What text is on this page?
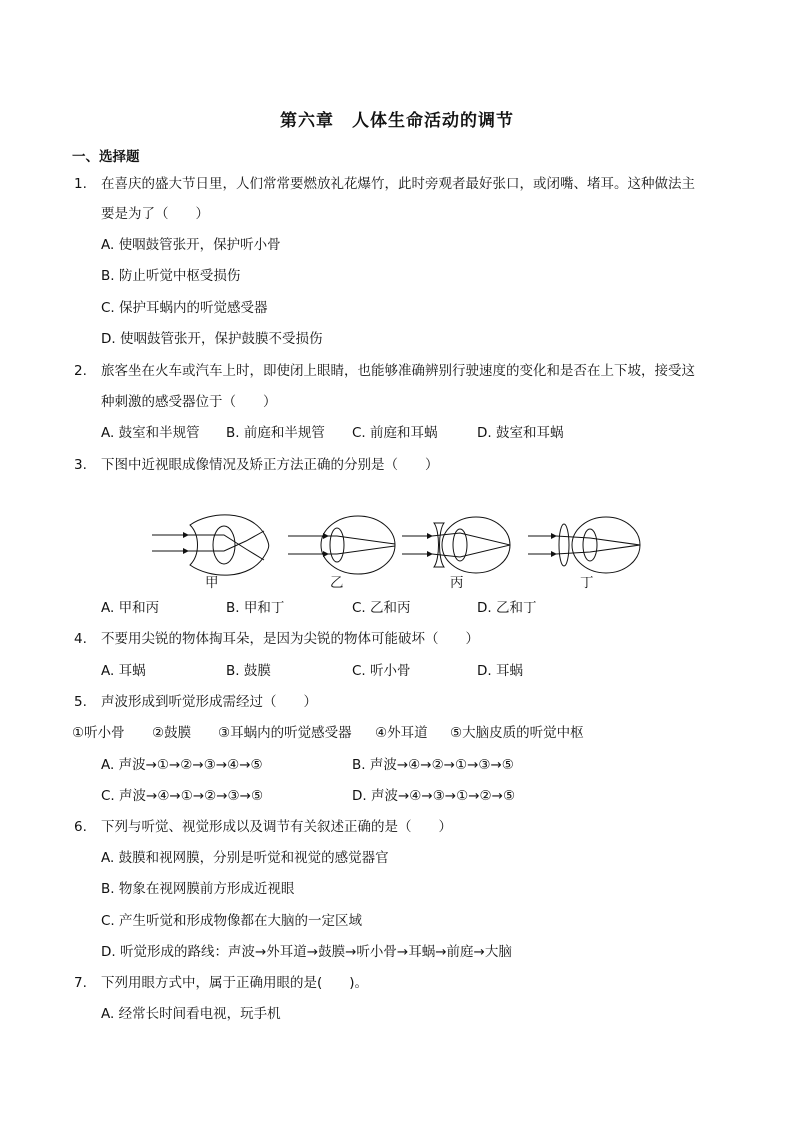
第六章　人体生命活动的调节
一、选择题
1. 在喜庆的盛大节日里，人们常常要燃放礼花爆竹，此时旁观者最好张口，或闭嘴、堵耳。这种做法主
要是为了（　　）
A. 使咽鼓管张开，保护听小骨
B. 防止听觉中枢受损伤
C. 保护耳蜗内的听觉感受器
D. 使咽鼓管张开，保护鼓膜不受损伤
2. 旅客坐在火车或汽车上时，即使闭上眼睛，也能够准确辨别行驶速度的变化和是否在上下坡，接受这
种刺激的感受器位于（　　）
A. 鼓室和半规管 B. 前庭和半规管 C. 前庭和耳蜗	D. 鼓室和耳蜗
3. 下图中近视眼成像情况及矫正方法正确的分别是（　　）
甲	乙	丙	丁
A. 甲和丙	B. 甲和丁	C. 乙和丙	D. 乙和丁
4. 不要用尖锐的物体掏耳朵，是因为尖锐的物体可能破坏（　　）
A. 耳蜗	B. 鼓膜	C. 听小骨	D. 耳蜗
5. 声波形成到听觉形成需经过（　　）
①听小骨 ②鼓膜 ③耳蜗内的听觉感受器 ④外耳道 ⑤大脑皮质的听觉中枢
A. 声波→①→②→③→④→⑤	B. 声波→④→②→①→③→⑤
C. 声波→④→①→②→③→⑤	D. 声波→④→③→①→②→⑤
6. 下列与听觉、视觉形成以及调节有关叙述正确的是（　　）
A. 鼓膜和视网膜，分别是听觉和视觉的感觉器官
B. 物象在视网膜前方形成近视眼
C. 产生听觉和形成物像都在大脑的一定区域
D. 听觉形成的路线：声波→外耳道→鼓膜→听小骨→耳蜗→前庭→大脑
7. 下列用眼方式中，属于正确用眼的是(　　)。
A. 经常长时间看电视，玩手机
